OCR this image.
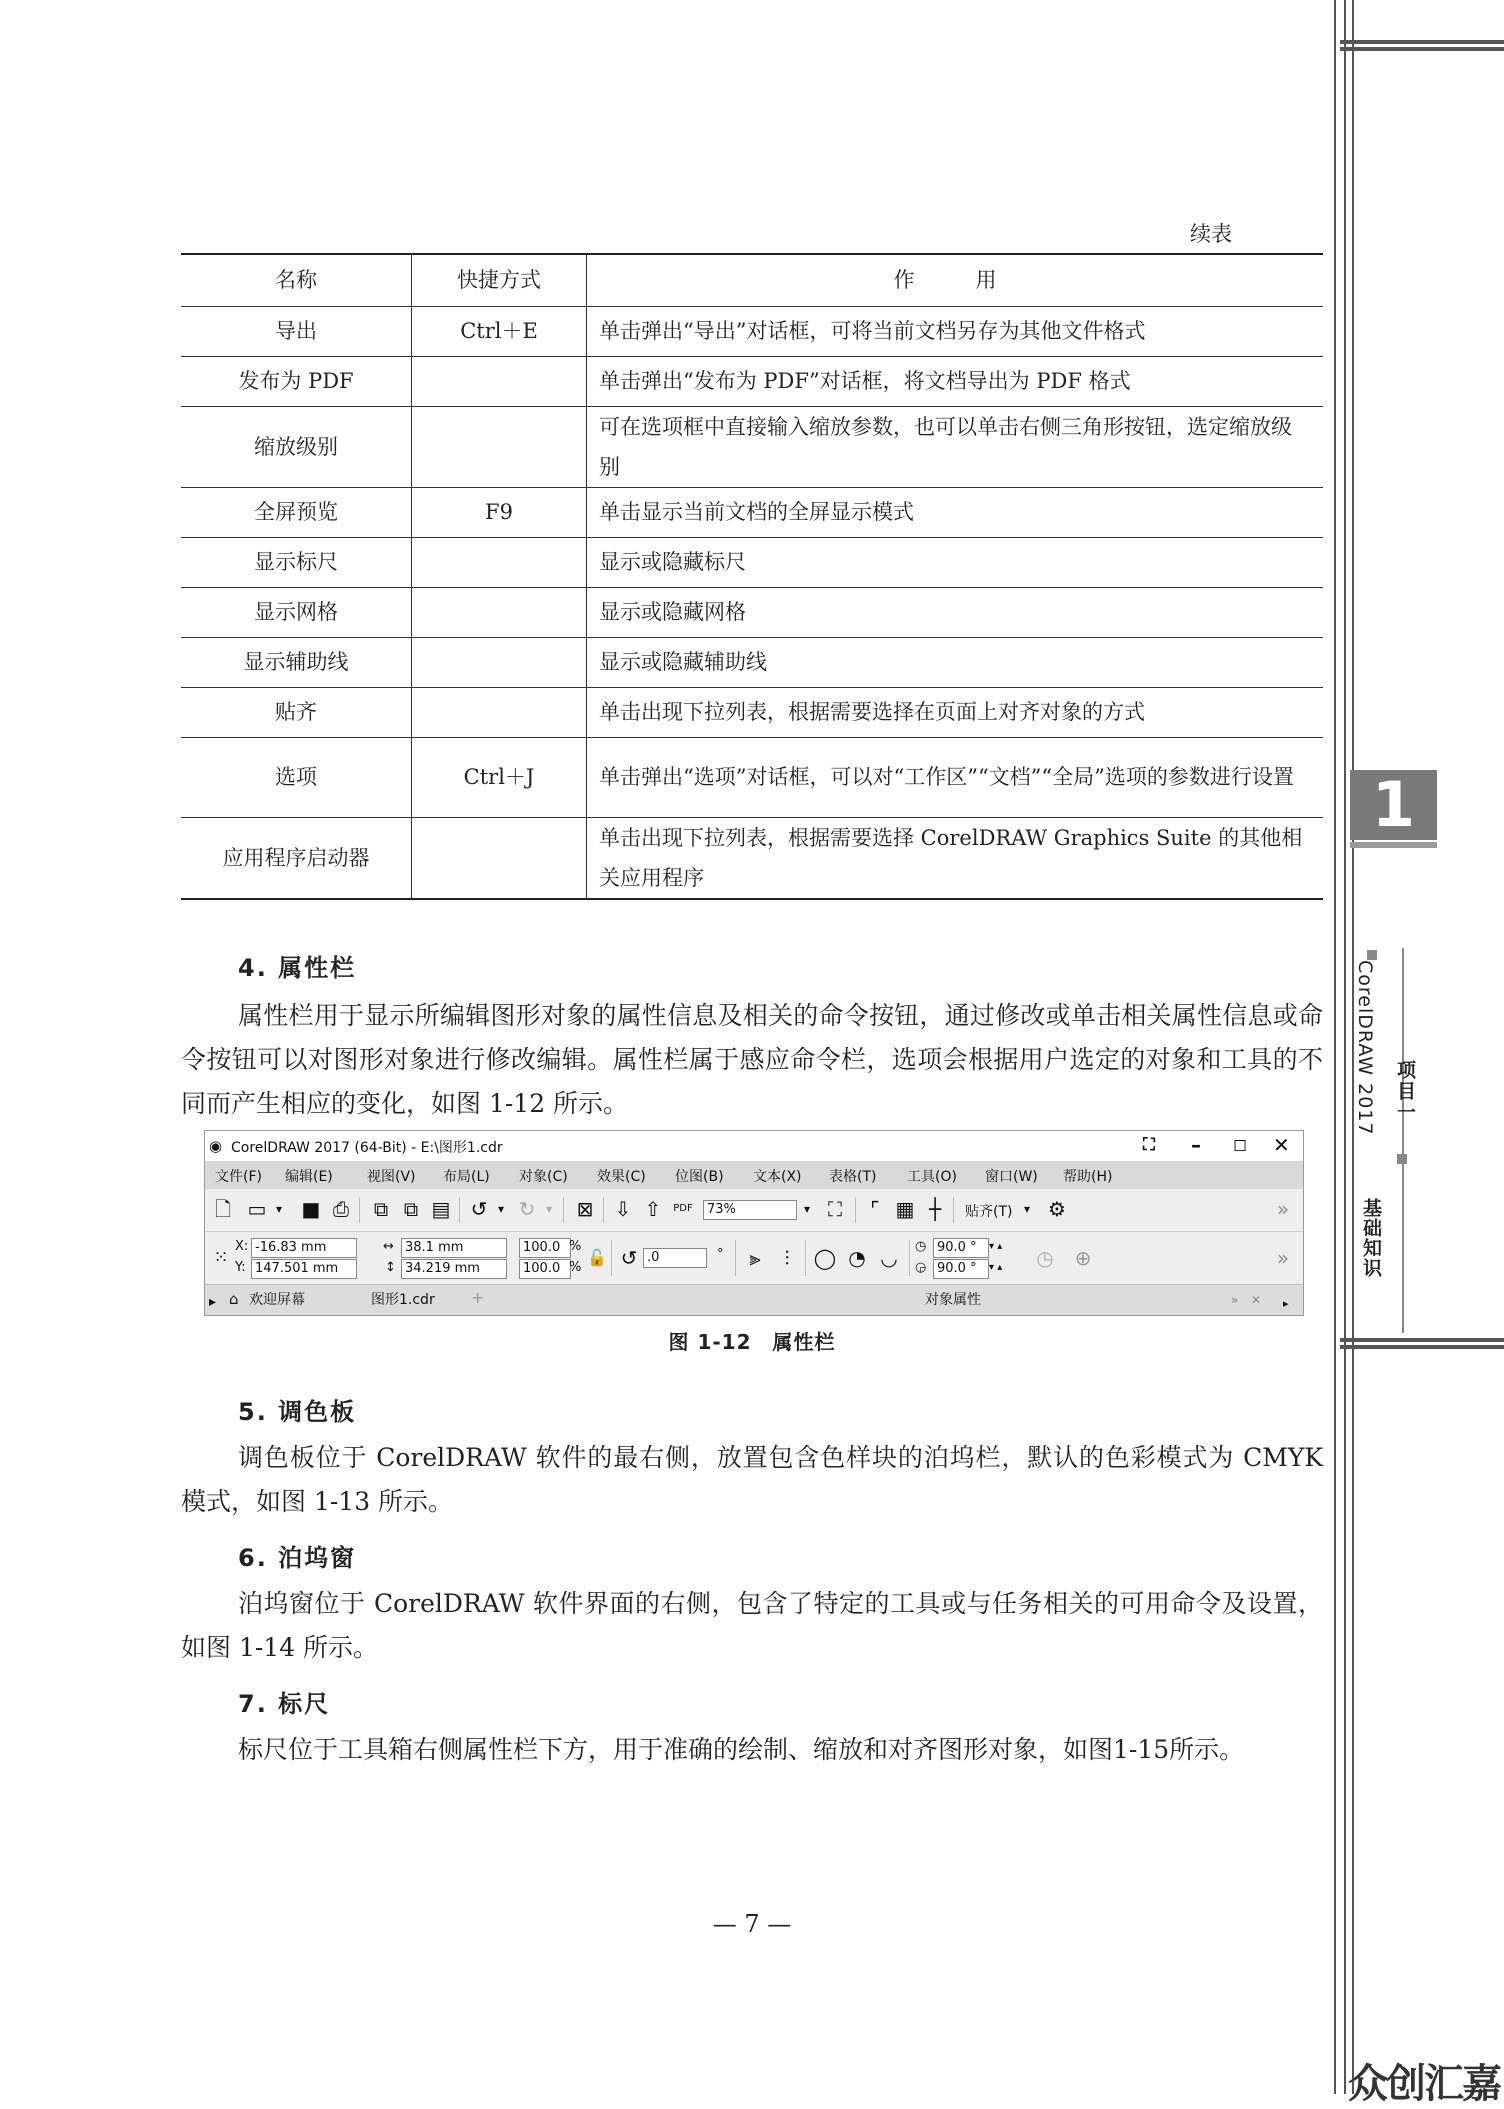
1
CorelDRAW 2017
基础知识
项目一
众创汇嘉
续表
名称	快捷方式	作　用
导出	Ctrl＋E	单击弹出“导出”对话框，可将当前文档另存为其他文件格式
发布为 PDF		单击弹出“发布为 PDF”对话框，将文档导出为 PDF 格式
缩放级别		可在选项框中直接输入缩放参数，也可以单击右侧三角形按钮，选定缩放级别
全屏预览	F9	单击显示当前文档的全屏显示模式
显示标尺		显示或隐藏标尺
显示网格		显示或隐藏网格
显示辅助线		显示或隐藏辅助线
贴齐		单击出现下拉列表，根据需要选择在页面上对齐对象的方式
选项	Ctrl＋J	单击弹出“选项”对话框，可以对“工作区”“文档”“全局”选项的参数进行设置
应用程序启动器		单击出现下拉列表，根据需要选择 CorelDRAW Graphics Suite 的其他相关应用程序
4. 属性栏
属性栏用于显示所编辑图形对象的属性信息及相关的命令按钮，通过修改或单击相关属性信息或命令按钮可以对图形对象进行修改编辑。属性栏属于感应命令栏，选项会根据用户选定的对象和工具的不同而产生相应的变化，如图 1-12 所示。
◉ CorelDRAW 2017 (64-Bit) - E:\图形1.cdr	⛶ – ◻ ✕
文件(F) 编辑(E) 视图(V) 布局(L) 对象(C) 效果(C) 位图(B) 文本(X) 表格(T) 工具(O) 窗口(W) 帮助(H)
🗋 ▭ ▾ ■ ⎙ ⧉ ⧉ ▤ ↺ ▾ ↻ ▾	⊠ ⇩ ⇧	PDF	73%	▾ ⛶	⌜ ▦ ┼	贴齐(T) ▾ ⚙	»
⁙
X: -16.83 mm
Y: 147.501 mm
↔ 38.1 mm
↕ 34.219 mm
100.0 %
100.0 %
🔓 ↺ .0	°	⫸	⫶	◯ ◔ ◡ ◷ 90.0 °
◶ 90.0 °
▾ ▴
▾ ▴ ◷ ⊕	»
▸ ⌂ 欢迎屏幕	图形1.cdr +	对象属性	» ✕ ▸
图 1-12　属性栏
5. 调色板
调色板位于 CorelDRAW 软件的最右侧，放置包含色样块的泊坞栏，默认的色彩模式为 CMYK 模式，如图 1-13 所示。
6. 泊坞窗
泊坞窗位于 CorelDRAW 软件界面的右侧，包含了特定的工具或与任务相关的可用命令及设置，如图 1-14 所示。
7. 标尺
标尺位于工具箱右侧属性栏下方，用于准确的绘制、缩放和对齐图形对象，如图1-15所示。
— 7 —
